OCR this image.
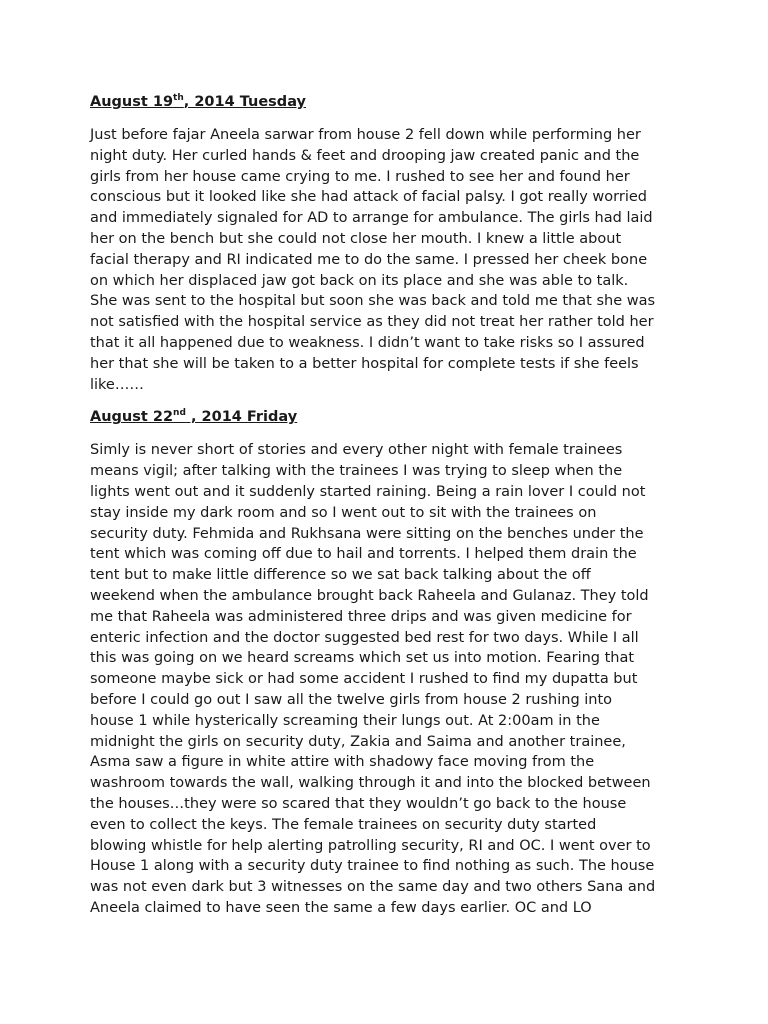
August 19th, 2014 Tuesday

Just before fajar Aneela sarwar from house 2 fell down while performing her
night duty. Her curled hands & feet and drooping jaw created panic and the
girls from her house came crying to me. I rushed to see her and found her
conscious but it looked like she had attack of facial palsy. I got really worried
and immediately signaled for AD to arrange for ambulance. The girls had laid
her on the bench but she could not close her mouth. I knew a little about
facial therapy and RI indicated me to do the same. I pressed her cheek bone
on which her displaced jaw got back on its place and she was able to talk.
She was sent to the hospital but soon she was back and told me that she was
not satisfied with the hospital service as they did not treat her rather told her
that it all happened due to weakness. I didn’t want to take risks so I assured
her that she will be taken to a better hospital for complete tests if she feels
like……

August 22nd , 2014 Friday

Simly is never short of stories and every other night with female trainees
means vigil; after talking with the trainees I was trying to sleep when the
lights went out and it suddenly started raining. Being a rain lover I could not
stay inside my dark room and so I went out to sit with the trainees on
security duty. Fehmida and Rukhsana were sitting on the benches under the
tent which was coming off due to hail and torrents. I helped them drain the
tent but to make little difference so we sat back talking about the off
weekend when the ambulance brought back Raheela and Gulanaz. They told
me that Raheela was administered three drips and was given medicine for
enteric infection and the doctor suggested bed rest for two days. While I all
this was going on we heard screams which set us into motion. Fearing that
someone maybe sick or had some accident I rushed to find my dupatta but
before I could go out I saw all the twelve girls from house 2 rushing into
house 1 while hysterically screaming their lungs out. At 2:00am in the
midnight the girls on security duty, Zakia and Saima and another trainee,
Asma saw a figure in white attire with shadowy face moving from the
washroom towards the wall, walking through it and into the blocked between
the houses…they were so scared that they wouldn’t go back to the house
even to collect the keys. The female trainees on security duty started
blowing whistle for help alerting patrolling security, RI and OC. I went over to
House 1 along with a security duty trainee to find nothing as such. The house
was not even dark but 3 witnesses on the same day and two others Sana and
Aneela claimed to have seen the same a few days earlier. OC and LO
